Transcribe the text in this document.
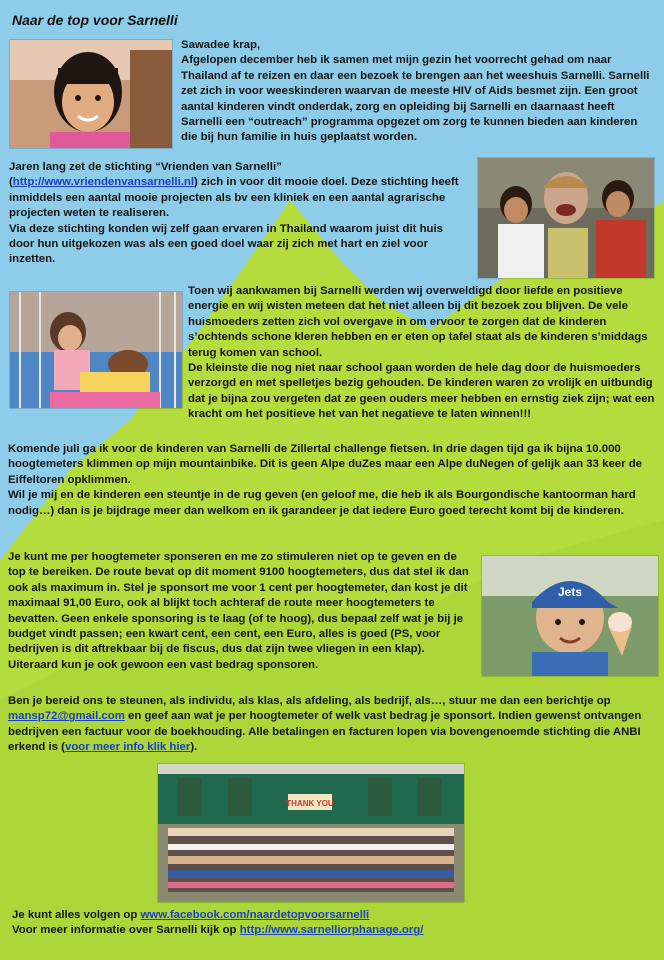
Naar de top voor Sarnelli

Sawadee krap,

Afgelopen december heb ik samen met mijn gezin het voorrecht gehad om naar Thailand af te reizen en daar een bezoek te brengen aan het weeshuis Sarnelli. Sarnelli zet zich in voor weeskinderen waarvan de meeste HIV of Aids besmet zijn. Een groot aantal kinderen vindt onderdak, zorg en opleiding bij Sarnelli en daarnaast heeft Sarnelli een “outreach” programma opgezet om zorg te kunnen bieden aan kinderen die bij hun familie in huis geplaatst worden.

Jaren lang zet de stichting “Vrienden van Sarnelli”
(http://www.vriendenvansarnelli.nl) zich in voor dit mooie doel. Deze stichting heeft inmiddels een aantal mooie projecten als bv een kliniek en een aantal agrarische projecten weten te realiseren.

Via deze stichting konden wij zelf gaan ervaren in Thailand waarom juist dit huis door hun uitgekozen was als een goed doel waar zij zich met hart en ziel voor inzetten.

Toen wij aankwamen bij Sarnelli werden wij overweldigd door liefde en positieve energie en wij wisten meteen dat het niet alleen bij dit bezoek zou blijven. De vele huismoeders zetten zich vol overgave in om ervoor te zorgen dat de kinderen s’ochtends schone kleren hebben en er eten op tafel staat als de kinderen s’middags terug komen van school.

De kleinste die nog niet naar school gaan worden de hele dag door de huismoeders verzorgd en met spelletjes bezig gehouden. De kinderen waren zo vrolijk en uitbundig dat je bijna zou vergeten dat ze geen ouders meer hebben en ernstig ziek zijn; wat een kracht om het positieve het van het negatieve te laten winnen!!!

Komende juli ga ik voor de kinderen van Sarnelli de Zillertal challenge fietsen. In drie dagen tijd ga ik bijna 10.000 hoogtemeters klimmen op mijn mountainbike. Dit is geen Alpe duZes maar een Alpe duNegen of gelijk aan 33 keer de Eiffeltoren opklimmen.

Wil je mij en de kinderen een steuntje in de rug geven (en geloof me, die heb ik als Bourgondische kantoorman hard nodig…) dan is je bijdrage meer dan welkom en ik garandeer je dat iedere Euro goed terecht komt bij de kinderen.

Je kunt me per hoogtemeter sponseren en me zo stimuleren niet op te geven en de top te bereiken. De route bevat op dit moment 9100 hoogtemeters, dus dat stel ik dan ook als maximum in. Stel je sponsort me voor 1 cent per hoogtemeter, dan kost je dit maximaal 91,00 Euro, ook al blijkt toch achteraf de route meer hoogtemeters te bevatten. Geen enkele sponsoring is te laag (of te hoog), dus bepaal zelf wat je bij je budget vindt passen; een kwart cent, een cent, een Euro, alles is goed (PS, voor bedrijven is dit aftrekbaar bij de fiscus, dus dat zijn twee vliegen in een klap). Uiteraard kun je ook gewoon een vast bedrag sponsoren.

Jets

Ben je bereid ons te steunen, als individu, als klas, als afdeling, als bedrijf, als…, stuur me dan een berichtje op mansp72@gmail.com en geef aan wat je per hoogtemeter of welk vast bedrag je sponsort. Indien gewenst ontvangen bedrijven een factuur voor de boekhouding. Alle betalingen en facturen lopen via bovengenoemde stichting die ANBI erkend is (voor meer info klik hier).

THANK YOU

Je kunt alles volgen op www.facebook.com/naardetopvoorsarnelli

Voor meer informatie over Sarnelli kijk op http://www.sarnelliorphanage.org/
